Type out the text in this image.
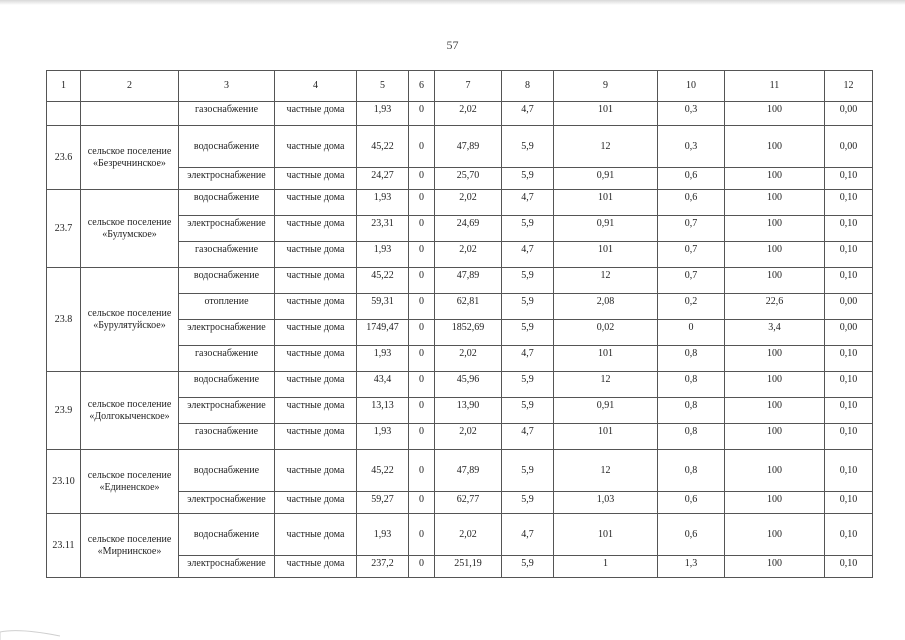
57
1	2	3	4	5	6	7	8	9	10	11	12
		газоснабжение	частные дома	1,93	0	2,02	4,7	101	0,3	100	0,00
23.6	сельское поселение «Безречнинское»	водоснабжение	частные дома	45,22	0	47,89	5,9	12	0,3	100	0,00
		электроснабжение	частные дома	24,27	0	25,70	5,9	0,91	0,6	100	0,10
23.7	сельское поселение «Булумское»	водоснабжение	частные дома	1,93	0	2,02	4,7	101	0,6	100	0,10
		электроснабжение	частные дома	23,31	0	24,69	5,9	0,91	0,7	100	0,10
		газоснабжение	частные дома	1,93	0	2,02	4,7	101	0,7	100	0,10
23.8	сельское поселение «Бурулятуйское»	водоснабжение	частные дома	45,22	0	47,89	5,9	12	0,7	100	0,10
		отопление	частные дома	59,31	0	62,81	5,9	2,08	0,2	22,6	0,00
		электроснабжение	частные дома	1749,47	0	1852,69	5,9	0,02	0	3,4	0,00
		газоснабжение	частные дома	1,93	0	2,02	4,7	101	0,8	100	0,10
23.9	сельское поселение «Долгокыченское»	водоснабжение	частные дома	43,4	0	45,96	5,9	12	0,8	100	0,10
		электроснабжение	частные дома	13,13	0	13,90	5,9	0,91	0,8	100	0,10
		газоснабжение	частные дома	1,93	0	2,02	4,7	101	0,8	100	0,10
23.10	сельское поселение «Единенское»	водоснабжение	частные дома	45,22	0	47,89	5,9	12	0,8	100	0,10
		электроснабжение	частные дома	59,27	0	62,77	5,9	1,03	0,6	100	0,10
23.11	сельское поселение «Мирнинское»	водоснабжение	частные дома	1,93	0	2,02	4,7	101	0,6	100	0,10
		электроснабжение	частные дома	237,2	0	251,19	5,9	1	1,3	100	0,10
